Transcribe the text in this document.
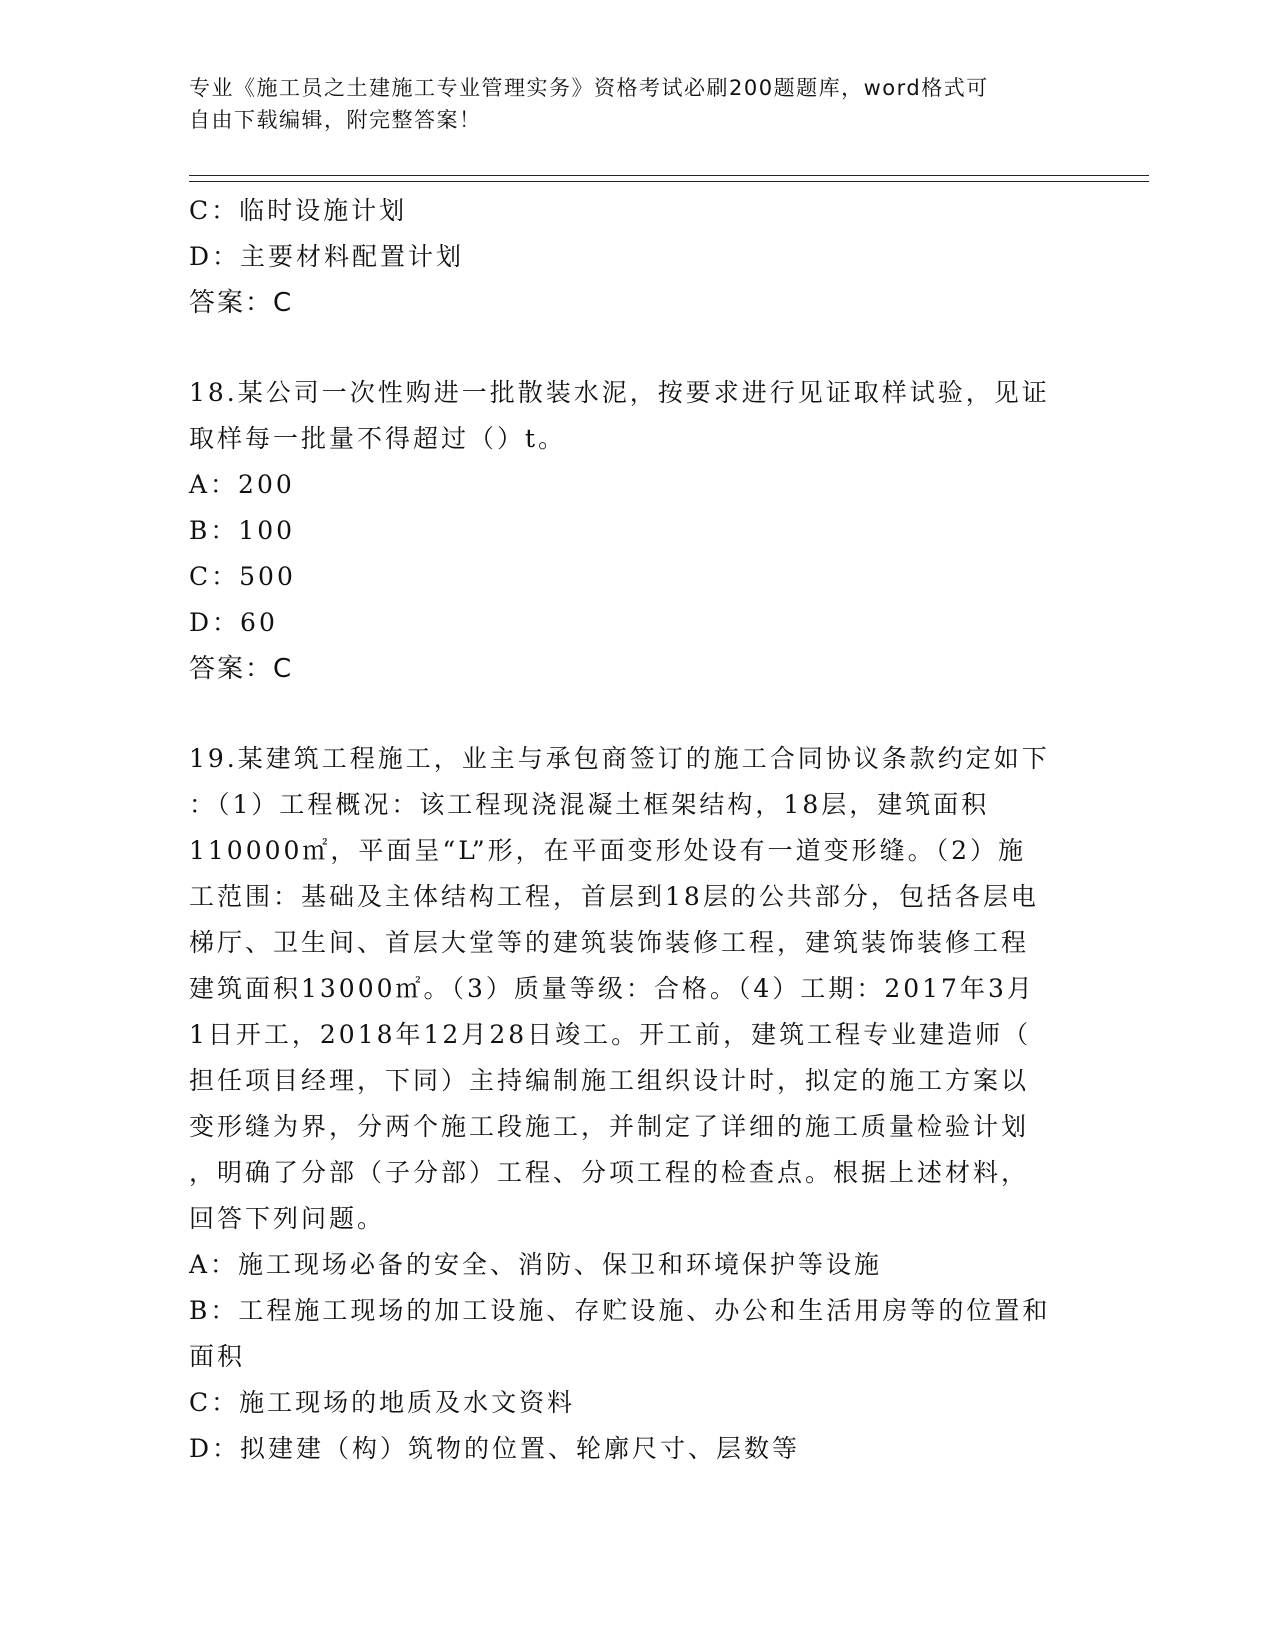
专业《施工员之土建施工专业管理实务》资格考试必刷200题题库，word格式可
自由下载编辑，附完整答案！
C：临时设施计划
D：主要材料配置计划
答案：C
18.某公司一次性购进一批散装水泥，按要求进行见证取样试验，见证
取样每一批量不得超过（）t。
A：200
B：100
C：500
D：60
答案：C
19.某建筑工程施工，业主与承包商签订的施工合同协议条款约定如下
：（1）工程概况：该工程现浇混凝土框架结构，18层，建筑面积
110000㎡，平面呈“L”形，在平面变形处设有一道变形缝。（2）施
工范围：基础及主体结构工程，首层到18层的公共部分，包括各层电
梯厅、卫生间、首层大堂等的建筑装饰装修工程，建筑装饰装修工程
建筑面积13000㎡。（3）质量等级：合格。（4）工期：2017年3月
1日开工，2018年12月28日竣工。开工前，建筑工程专业建造师（
担任项目经理，下同）主持编制施工组织设计时，拟定的施工方案以
变形缝为界，分两个施工段施工，并制定了详细的施工质量检验计划
，明确了分部（子分部）工程、分项工程的检查点。根据上述材料，
回答下列问题。
A：施工现场必备的安全、消防、保卫和环境保护等设施
B：工程施工现场的加工设施、存贮设施、办公和生活用房等的位置和
面积
C：施工现场的地质及水文资料
D：拟建建（构）筑物的位置、轮廓尺寸、层数等
